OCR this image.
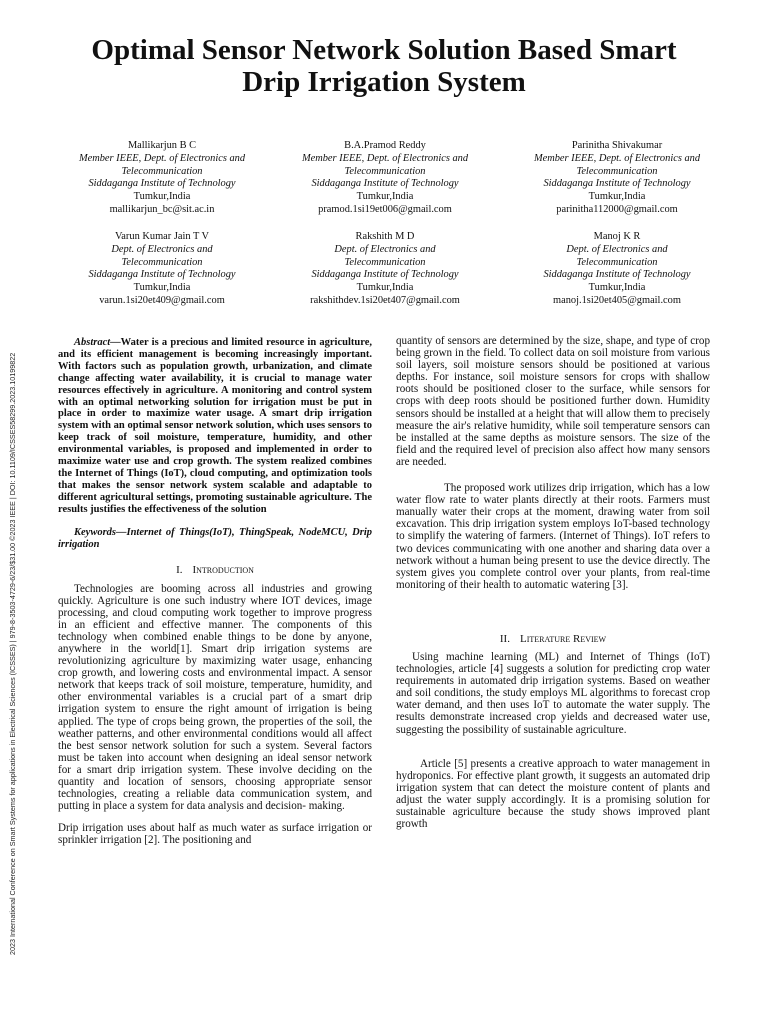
2023 International Conference on Smart Systems for applications in Electrical Sciences (ICSSES) | 979-8-3503-4729-6/23/$31.00 ©2023 IEEE | DOI: 10.1109/ICSSES58299.2023.10199822
Optimal Sensor Network Solution Based Smart
Drip Irrigation System
Mallikarjun B C
Member IEEE, Dept. of Electronics and
Telecommunication
Siddaganga Institute of Technology
Tumkur,India
mallikarjun_bc@sit.ac.in
B.A.Pramod Reddy
Member IEEE, Dept. of Electronics and
Telecommunication
Siddaganga Institute of Technology
Tumkur,India
pramod.1si19et006@gmail.com
Parinitha Shivakumar
Member IEEE, Dept. of Electronics and
Telecommunication
Siddaganga Institute of Technology
Tumkur,India
parinitha112000@gmail.com
Varun Kumar Jain T V
Dept. of Electronics and
Telecommunication
Siddaganga Institute of Technology
Tumkur,India
varun.1si20et409@gmail.com
Rakshith M D
Dept. of Electronics and
Telecommunication
Siddaganga Institute of Technology
Tumkur,India
rakshithdev.1si20et407@gmail.com
Manoj K R
Dept. of Electronics and
Telecommunication
Siddaganga Institute of Technology
Tumkur,India
manoj.1si20et405@gmail.com

Abstract—Water is a precious and limited resource in agriculture, and its efficient management is becoming increasingly important. With factors such as population growth, urbanization, and climate change affecting water availability, it is crucial to manage water resources effectively in agriculture. A monitoring and control system with an optimal networking solution for irrigation must be put in place in order to maximize water usage. A smart drip irrigation system with an optimal sensor network solution, which uses sensors to keep track of soil moisture, temperature, humidity, and other environmental variables, is proposed and implemented in order to maximize water use and crop growth. The system realized combines the Internet of Things (IoT), cloud computing, and optimization tools that makes the sensor network system scalable and adaptable to different agricultural settings, promoting sustainable agriculture. The results justifies the effectiveness of the solution

Keywords—Internet of Things(IoT), ThingSpeak, NodeMCU, Drip irrigation

I. Introduction

Technologies are booming across all industries and growing quickly. Agriculture is one such industry where IOT devices, image processing, and cloud computing work together to improve progress in an efficient and effective manner. The components of this technology when combined enable things to be done by anyone, anywhere in the world[1]. Smart drip irrigation systems are revolutionizing agriculture by maximizing water usage, enhancing crop growth, and lowering costs and environmental impact. A sensor network that keeps track of soil moisture, temperature, humidity, and other environmental variables is a crucial part of a smart drip irrigation system to ensure the right amount of irrigation is being applied. The type of crops being grown, the properties of the soil, the weather patterns, and other environmental conditions would all affect the best sensor network solution for such a system. Several factors must be taken into account when designing an ideal sensor network for a smart drip irrigation system. These involve deciding on the quantity and location of sensors, choosing appropriate sensor technologies, creating a reliable data communication system, and putting in place a system for data analysis and decision- making.

Drip irrigation uses about half as much water as surface irrigation or sprinkler irrigation [2]. The positioning and

quantity of sensors are determined by the size, shape, and type of crop being grown in the field. To collect data on soil moisture from various soil layers, soil moisture sensors should be positioned at various depths. For instance, soil moisture sensors for crops with shallow roots should be positioned closer to the surface, while sensors for crops with deep roots should be positioned further down. Humidity sensors should be installed at a height that will allow them to precisely measure the air's relative humidity, while soil temperature sensors can be installed at the same depths as moisture sensors. The size of the field and the required level of precision also affect how many sensors are needed.

The proposed work utilizes drip irrigation, which has a low water flow rate to water plants directly at their roots. Farmers must manually water their crops at the moment, drawing water from soil excavation. This drip irrigation system employs IoT-based technology to simplify the watering of farmers. (Internet of Things). IoT refers to two devices communicating with one another and sharing data over a network without a human being present to use the device directly. The system gives you complete control over your plants, from real-time monitoring of their health to automatic watering [3].

II. Literature Review

Using machine learning (ML) and Internet of Things (IoT) technologies, article [4] suggests a solution for predicting crop water requirements in automated drip irrigation systems. Based on weather and soil conditions, the study employs ML algorithms to forecast crop water demand, and then uses IoT to automate the water supply. The results demonstrate increased crop yields and decreased water use, suggesting the possibility of sustainable agriculture.

Article [5] presents a creative approach to water management in hydroponics. For effective plant growth, it suggests an automated drip irrigation system that can detect the moisture content of plants and adjust the water supply accordingly. It is a promising solution for sustainable agriculture because the study shows improved plant growth
